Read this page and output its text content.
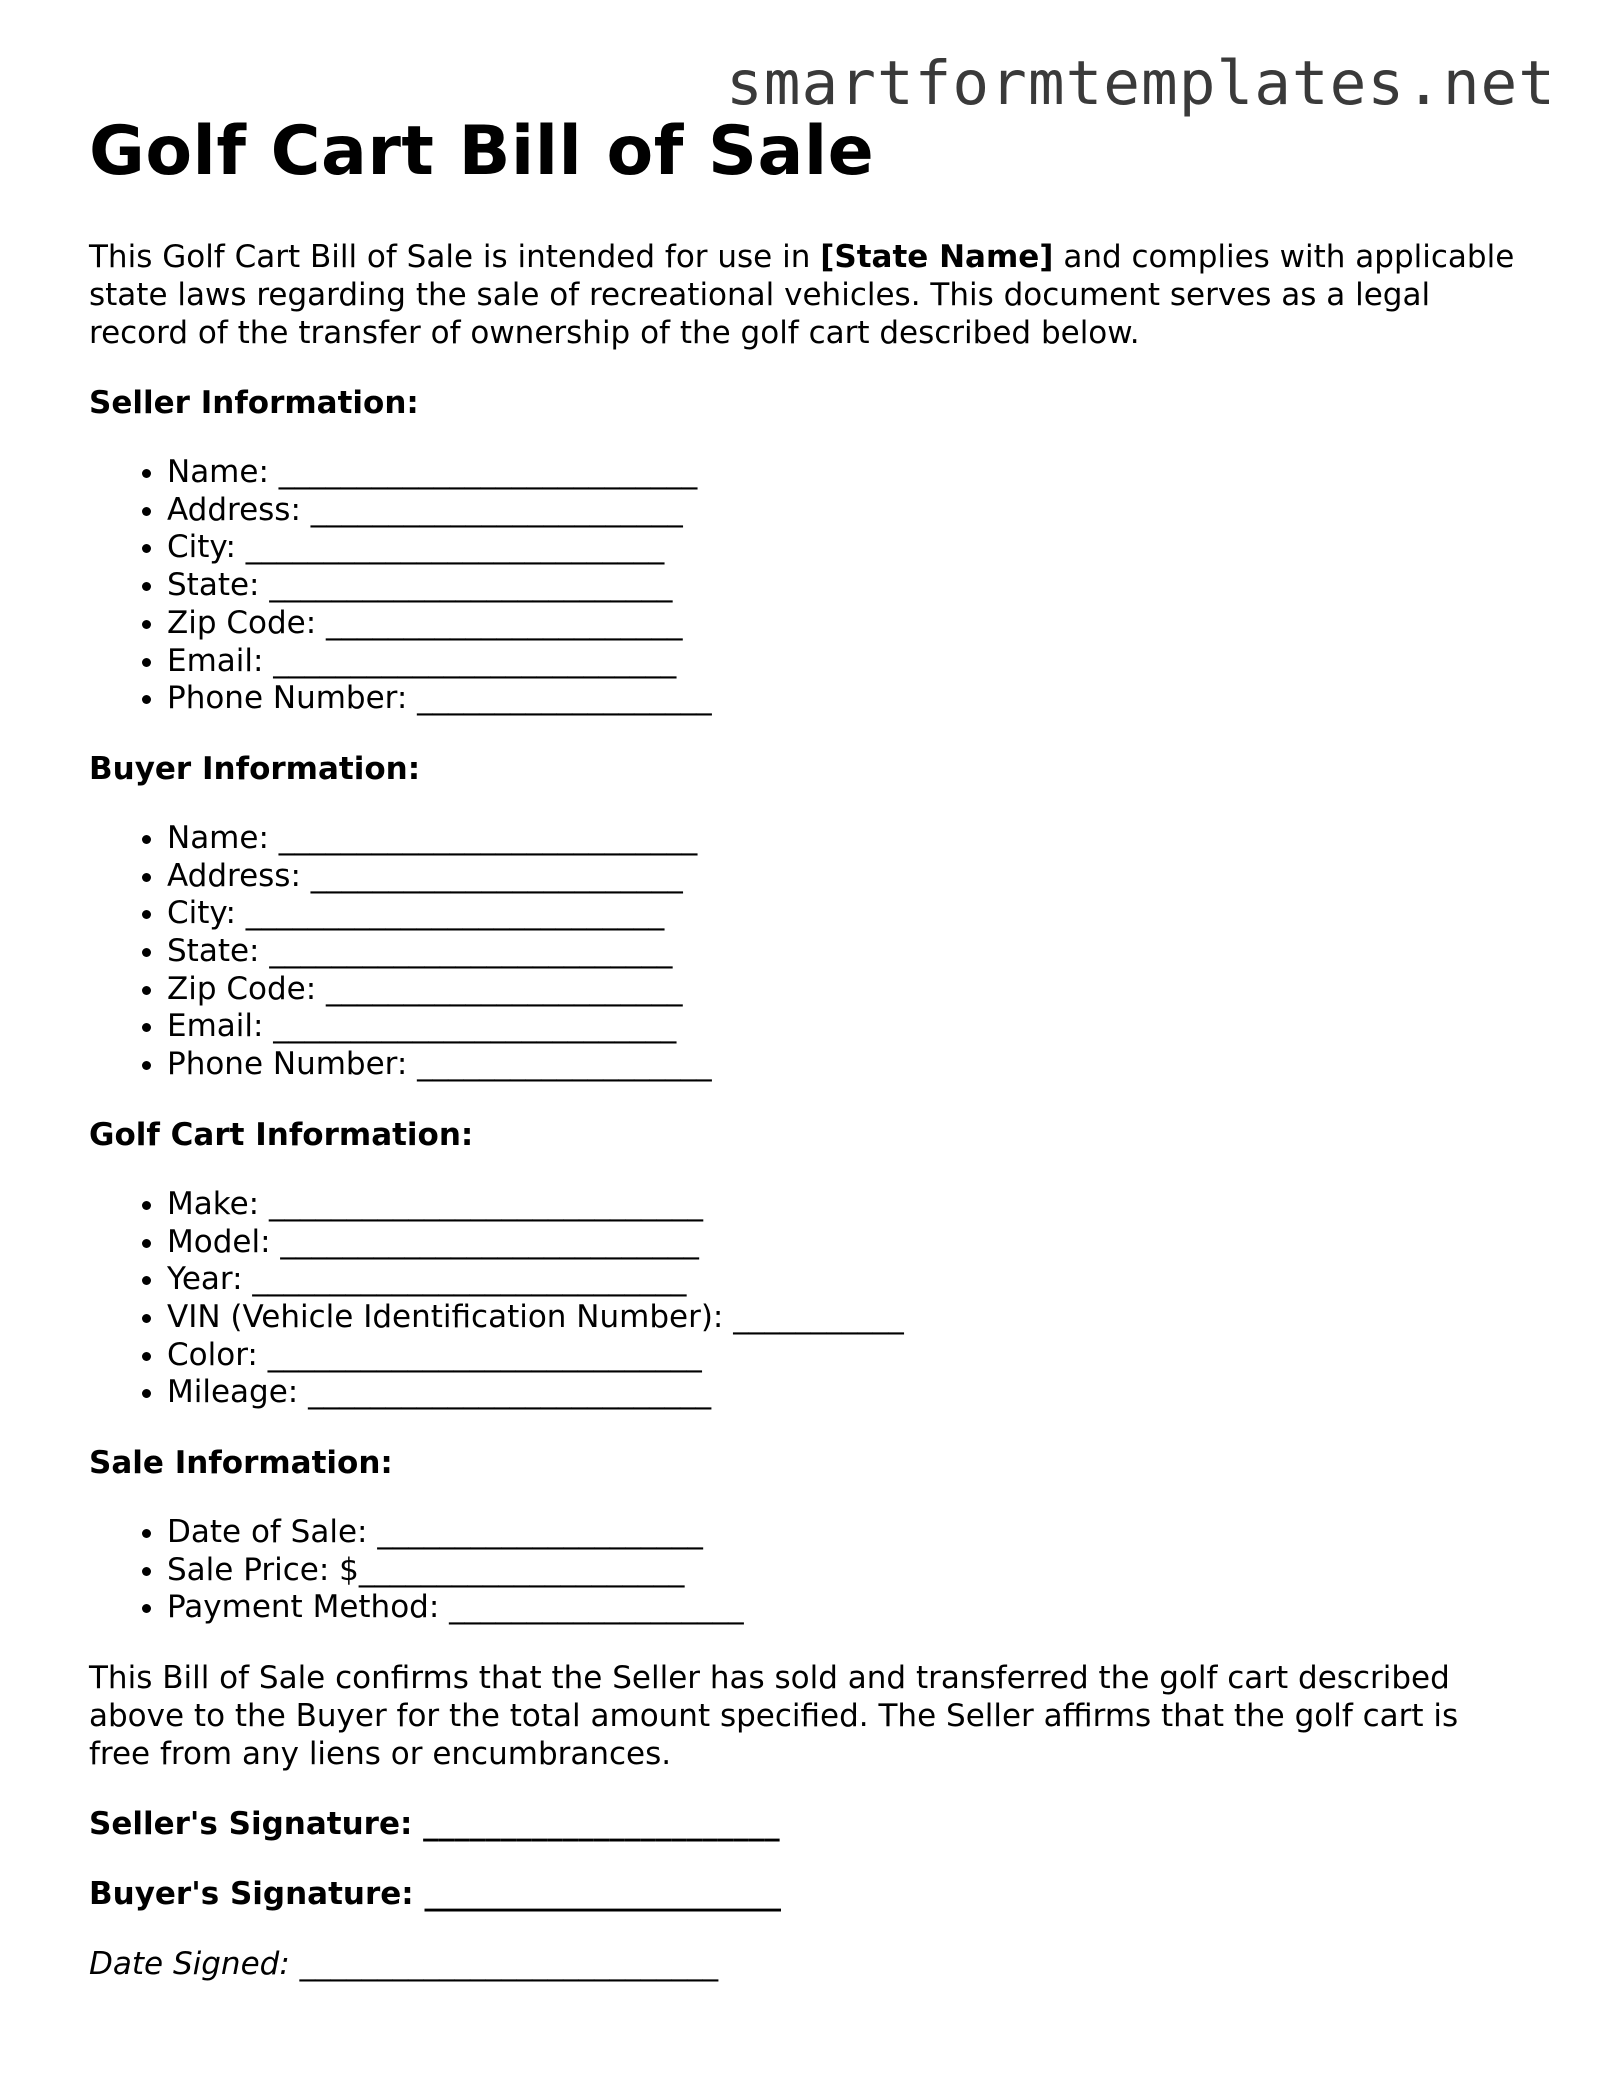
smartformtemplates.net
Golf Cart Bill of Sale

This Golf Cart Bill of Sale is intended for use in [State Name] and complies with applicable state laws regarding the sale of recreational vehicles. This document serves as a legal record of the transfer of ownership of the golf cart described below.

Seller Information:
• Name: ___________________________
• Address: ________________________
• City: ___________________________
• State: __________________________
• Zip Code: _______________________
• Email: __________________________
• Phone Number: ___________________
Buyer Information:
• Name: ___________________________
• Address: ________________________
• City: ___________________________
• State: __________________________
• Zip Code: _______________________
• Email: __________________________
• Phone Number: ___________________
Golf Cart Information:
• Make: ____________________________
• Model: ___________________________
• Year: ____________________________
• VIN (Vehicle Identification Number): ___________
• Color: ____________________________
• Mileage: __________________________
Sale Information:
• Date of Sale: _____________________
• Sale Price: $_____________________
• Payment Method: ___________________

This Bill of Sale confirms that the Seller has sold and transferred the golf cart described above to the Buyer for the total amount specified. The Seller affirms that the golf cart is free from any liens or encumbrances.

Seller's Signature: _______________________
Buyer's Signature: _______________________
Date Signed: ___________________________
